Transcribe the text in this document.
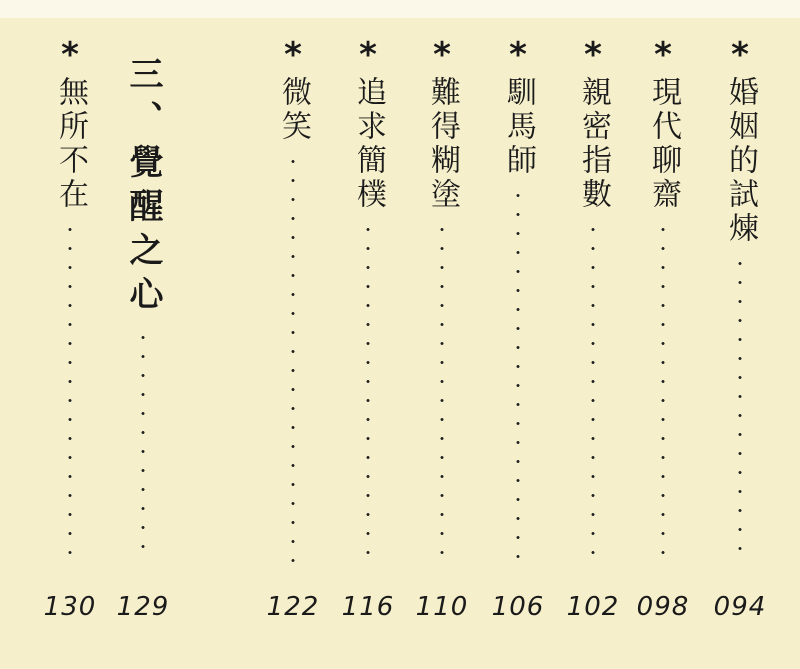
*
婚姻的試煉
094
*
現代聊齋
098
*
親密指數
102
*
馴馬師
106
*
難得糊塗
110
*
追求簡樸
116
*
微笑
122
三、覺醒之心
129
*
無所不在
130
